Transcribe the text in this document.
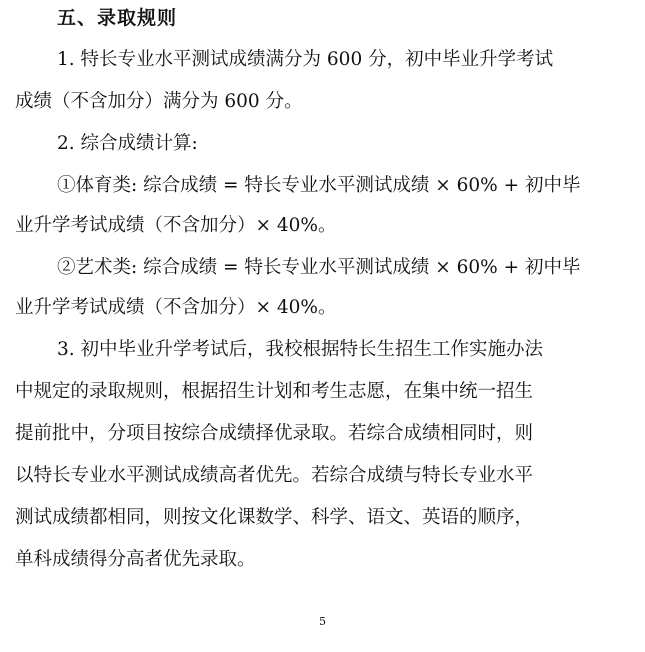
五、录取规则
1. 特长专业水平测试成绩满分为 600 分，初中毕业升学考试
成绩（不含加分）满分为 600 分。
2. 综合成绩计算:
①体育类: 综合成绩 = 特长专业水平测试成绩 × 60% + 初中毕
业升学考试成绩（不含加分）× 40%。
②艺术类: 综合成绩 = 特长专业水平测试成绩 × 60% + 初中毕
业升学考试成绩（不含加分）× 40%。
3. 初中毕业升学考试后，我校根据特长生招生工作实施办法
中规定的录取规则，根据招生计划和考生志愿，在集中统一招生
提前批中，分项目按综合成绩择优录取。若综合成绩相同时，则
以特长专业水平测试成绩高者优先。若综合成绩与特长专业水平
测试成绩都相同，则按文化课数学、科学、语文、英语的顺序，
单科成绩得分高者优先录取。
5
